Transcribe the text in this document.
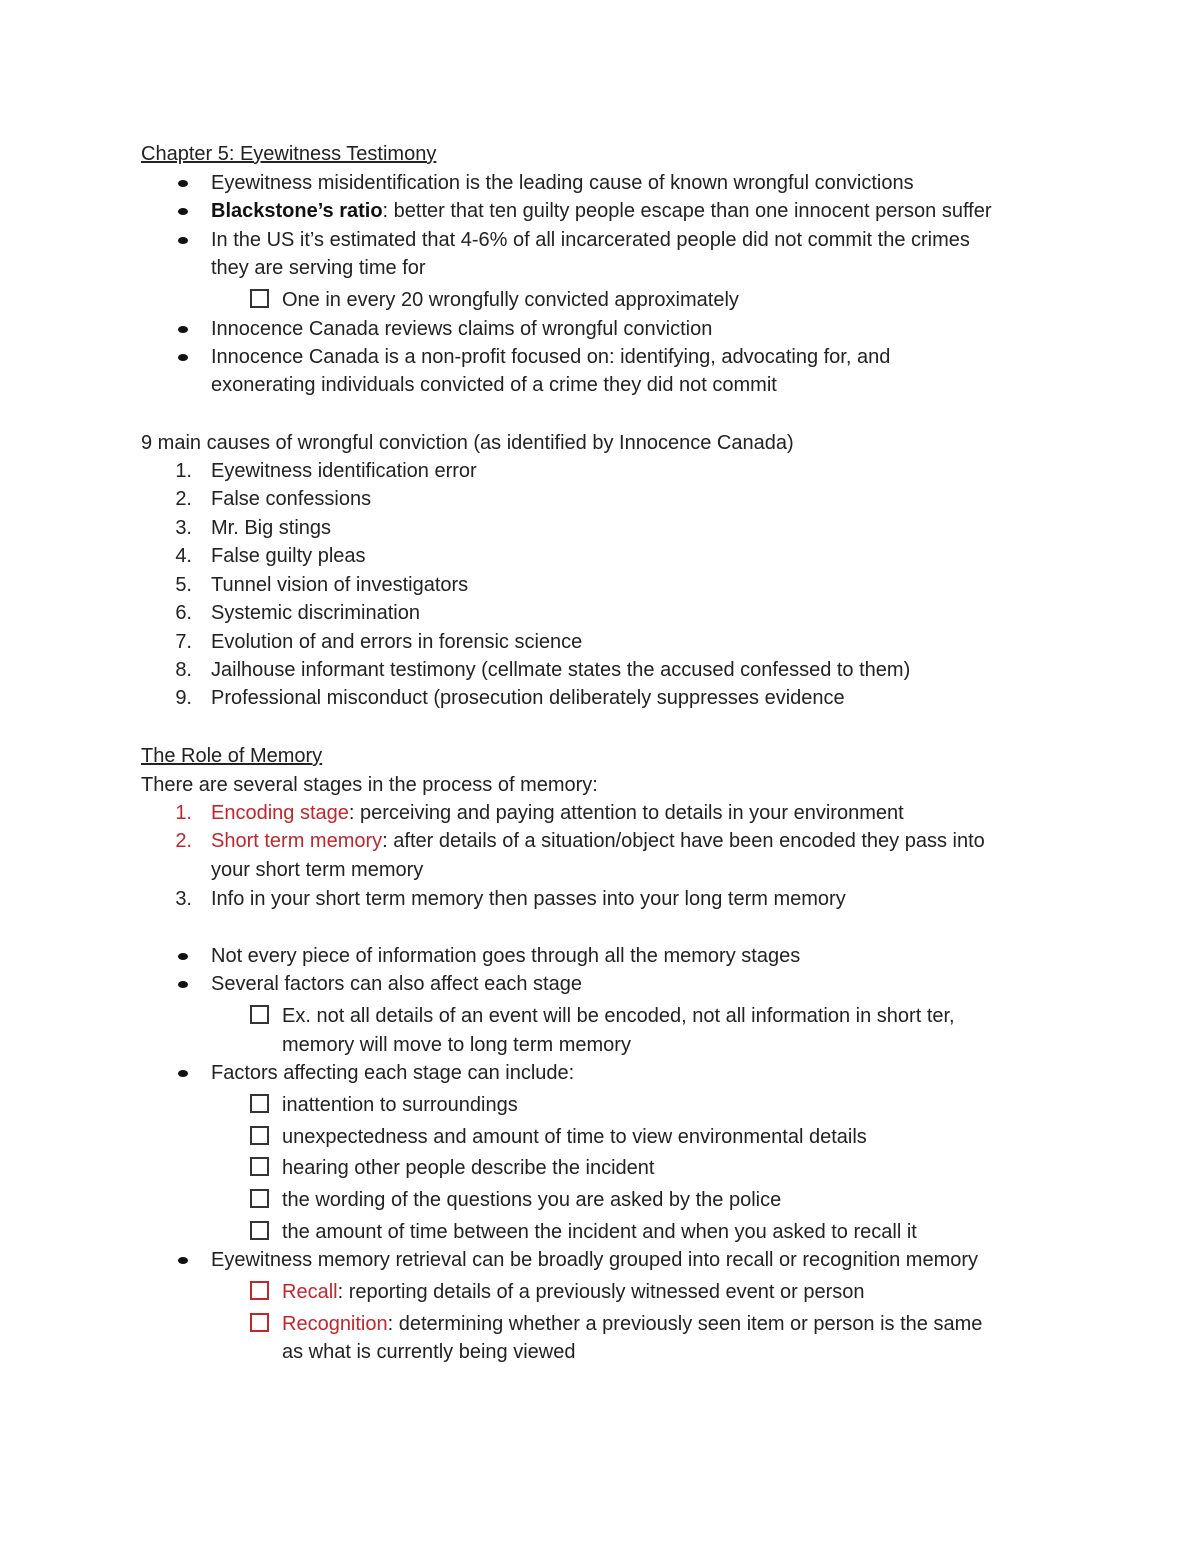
Chapter 5: Eyewitness Testimony
Eyewitness misidentification is the leading cause of known wrongful convictions
Blackstone’s ratio: better that ten guilty people escape than one innocent person suffer
In the US it’s estimated that 4-6% of all incarcerated people did not commit the crimes
they are serving time for
One in every 20 wrongfully convicted approximately
Innocence Canada reviews claims of wrongful conviction
Innocence Canada is a non-profit focused on: identifying, advocating for, and
exonerating individuals convicted of a crime they did not commit
9 main causes of wrongful conviction (as identified by Innocence Canada)
1. Eyewitness identification error
2. False confessions
3. Mr. Big stings
4. False guilty pleas
5. Tunnel vision of investigators
6. Systemic discrimination
7. Evolution of and errors in forensic science
8. Jailhouse informant testimony (cellmate states the accused confessed to them)
9. Professional misconduct (prosecution deliberately suppresses evidence
The Role of Memory
There are several stages in the process of memory:
1. Encoding stage: perceiving and paying attention to details in your environment
2. Short term memory: after details of a situation/object have been encoded they pass into
your short term memory
3. Info in your short term memory then passes into your long term memory
Not every piece of information goes through all the memory stages
Several factors can also affect each stage
Ex. not all details of an event will be encoded, not all information in short ter,
memory will move to long term memory
Factors affecting each stage can include:
inattention to surroundings
unexpectedness and amount of time to view environmental details
hearing other people describe the incident
the wording of the questions you are asked by the police
the amount of time between the incident and when you asked to recall it
Eyewitness memory retrieval can be broadly grouped into recall or recognition memory
Recall: reporting details of a previously witnessed event or person
Recognition: determining whether a previously seen item or person is the same
as what is currently being viewed
